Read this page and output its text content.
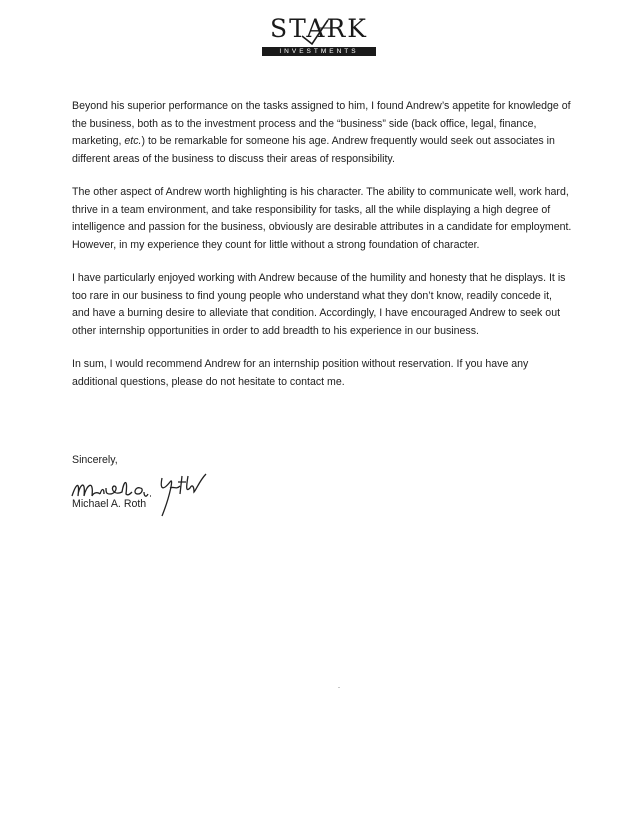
STARK
INVESTMENTS

Beyond his superior performance on the tasks assigned to him, I found Andrew’s appetite for knowledge of the business, both as to the investment process and the “business” side (back office, legal, finance, marketing, etc.) to be remarkable for someone his age. Andrew frequently would seek out associates in different areas of the business to discuss their areas of responsibility.

The other aspect of Andrew worth highlighting is his character. The ability to communicate well, work hard, thrive in a team environment, and take responsibility for tasks, all the while displaying a high degree of intelligence and passion for the business, obviously are desirable attributes in a candidate for employment. However, in my experience they count for little without a strong foundation of character.

I have particularly enjoyed working with Andrew because of the humility and honesty that he displays. It is too rare in our business to find young people who understand what they don’t know, readily concede it, and have a burning desire to alleviate that condition. Accordingly, I have encouraged Andrew to seek out other internship opportunities in order to add breadth to his experience in our business.

In sum, I would recommend Andrew for an internship position without reservation. If you have any additional questions, please do not hesitate to contact me.

Sincerely,
Michael A. Roth
